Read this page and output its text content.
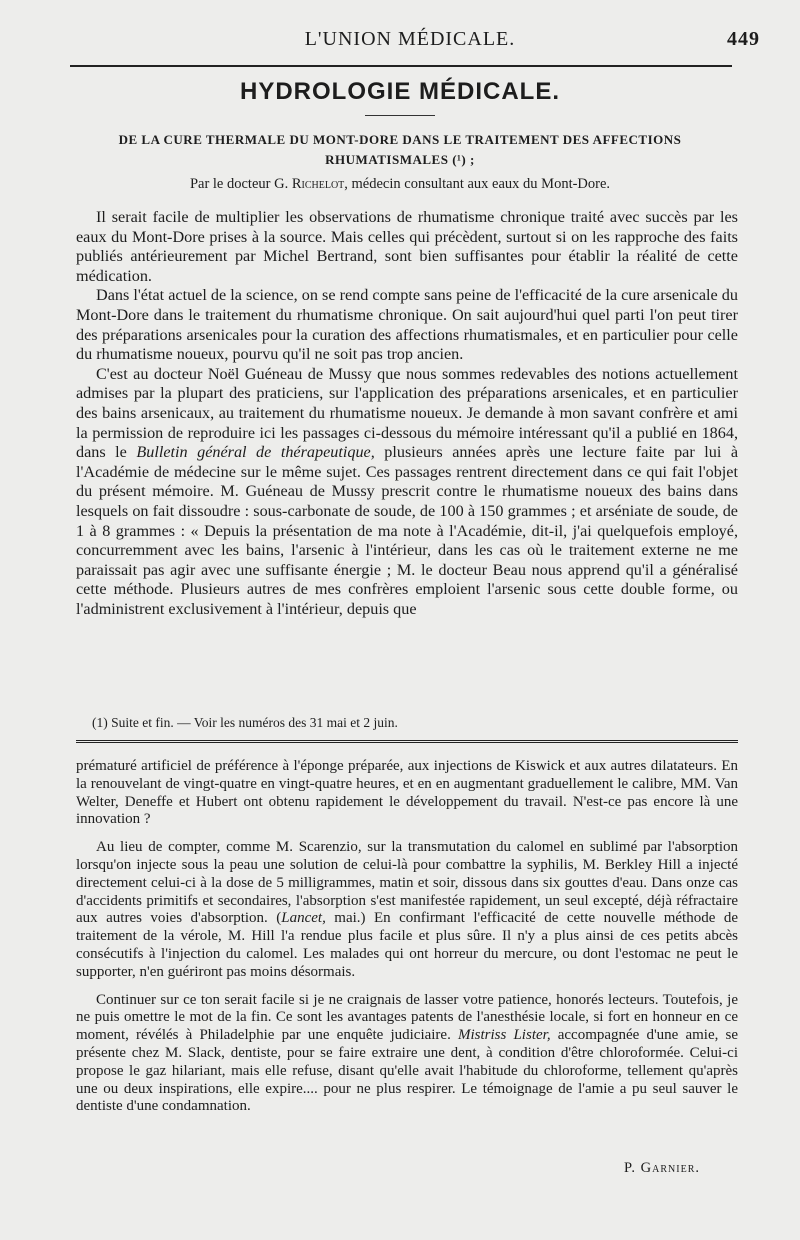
L'UNION MÉDICALE.	449
HYDROLOGIE MÉDICALE.
DE LA CURE THERMALE DU MONT-DORE DANS LE TRAITEMENT DES AFFECTIONS RHUMATISMALES (¹) ;
Par le docteur G. Richelot, médecin consultant aux eaux du Mont-Dore.

Il serait facile de multiplier les observations de rhumatisme chronique traité avec succès par les eaux du Mont-Dore prises à la source. Mais celles qui précèdent, surtout si on les rapproche des faits publiés antérieurement par Michel Bertrand, sont bien suffisantes pour établir la réalité de cette médication.

Dans l'état actuel de la science, on se rend compte sans peine de l'efficacité de la cure arsenicale du Mont-Dore dans le traitement du rhumatisme chronique. On sait aujourd'hui quel parti l'on peut tirer des préparations arsenicales pour la curation des affections rhumatismales, et en particulier pour celle du rhumatisme noueux, pourvu qu'il ne soit pas trop ancien.

C'est au docteur Noël Guéneau de Mussy que nous sommes redevables des notions actuellement admises par la plupart des praticiens, sur l'application des préparations arsenicales, et en particulier des bains arsenicaux, au traitement du rhumatisme noueux. Je demande à mon savant confrère et ami la permission de reproduire ici les passages ci-dessous du mémoire intéressant qu'il a publié en 1864, dans le Bulletin général de thérapeutique, plusieurs années après une lecture faite par lui à l'Académie de médecine sur le même sujet. Ces passages rentrent directement dans ce qui fait l'objet du présent mémoire. M. Guéneau de Mussy prescrit contre le rhumatisme noueux des bains dans lesquels on fait dissoudre : sous-carbonate de soude, de 100 à 150 grammes ; et arséniate de soude, de 1 à 8 grammes : « Depuis la présentation de ma note à l'Académie, dit-il, j'ai quelquefois employé, concurremment avec les bains, l'arsenic à l'intérieur, dans les cas où le traitement externe ne me paraissait pas agir avec une suffisante énergie ; M. le docteur Beau nous apprend qu'il a généralisé cette méthode. Plusieurs autres de mes confrères emploient l'arsenic sous cette double forme, ou l'administrent exclusivement à l'intérieur, depuis que

(1) Suite et fin. — Voir les numéros des 31 mai et 2 juin.

prématuré artificiel de préférence à l'éponge préparée, aux injections de Kiswick et aux autres dilatateurs. En la renouvelant de vingt-quatre en vingt-quatre heures, et en en augmentant graduellement le calibre, MM. Van Welter, Deneffe et Hubert ont obtenu rapidement le développement du travail. N'est-ce pas encore là une innovation ?

Au lieu de compter, comme M. Scarenzio, sur la transmutation du calomel en sublimé par l'absorption lorsqu'on injecte sous la peau une solution de celui-là pour combattre la syphilis, M. Berkley Hill a injecté directement celui-ci à la dose de 5 milligrammes, matin et soir, dissous dans six gouttes d'eau. Dans onze cas d'accidents primitifs et secondaires, l'absorption s'est manifestée rapidement, un seul excepté, déjà réfractaire aux autres voies d'absorption. (Lancet, mai.) En confirmant l'efficacité de cette nouvelle méthode de traitement de la vérole, M. Hill l'a rendue plus facile et plus sûre. Il n'y a plus ainsi de ces petits abcès consécutifs à l'injection du calomel. Les malades qui ont horreur du mercure, ou dont l'estomac ne peut le supporter, n'en guériront pas moins désormais.

Continuer sur ce ton serait facile si je ne craignais de lasser votre patience, honorés lecteurs. Toutefois, je ne puis omettre le mot de la fin. Ce sont les avantages patents de l'anesthésie locale, si fort en honneur en ce moment, révélés à Philadelphie par une enquête judiciaire. Mistriss Lister, accompagnée d'une amie, se présente chez M. Slack, dentiste, pour se faire extraire une dent, à condition d'être chloroformée. Celui-ci propose le gaz hilariant, mais elle refuse, disant qu'elle avait l'habitude du chloroforme, tellement qu'après une ou deux inspirations, elle expire.... pour ne plus respirer. Le témoignage de l'amie a pu seul sauver le dentiste d'une condamnation.

P. Garnier.
